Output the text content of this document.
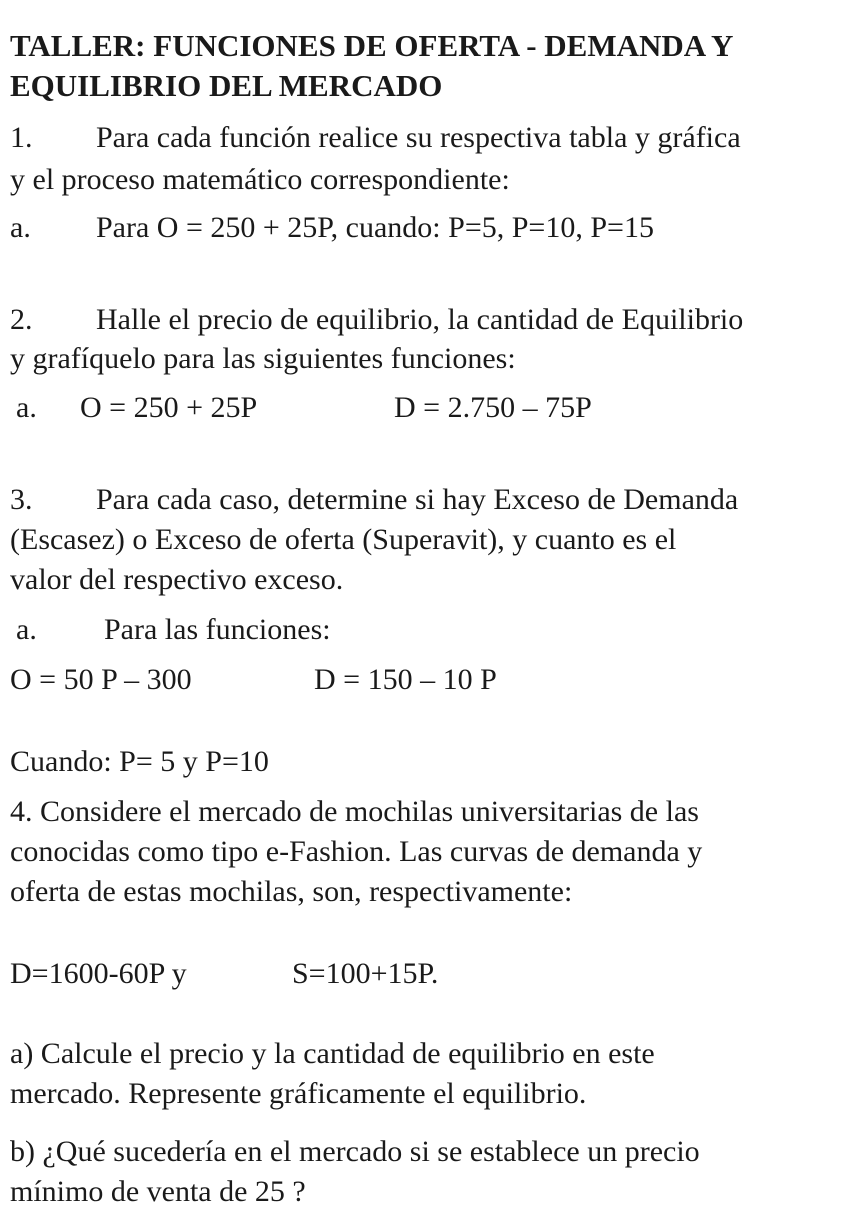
TALLER: FUNCIONES DE OFERTA - DEMANDA Y
EQUILIBRIO DEL MERCADO
1. Para cada función realice su respectiva tabla y gráfica
y el proceso matemático correspondiente:
a. Para O = 250 + 25P, cuando: P=5, P=10, P=15
2. Halle el precio de equilibrio, la cantidad de Equilibrio
y grafíquelo para las siguientes funciones:
a. O = 250 + 25P	D = 2.750 – 75P
3. Para cada caso, determine si hay Exceso de Demanda
(Escasez) o Exceso de oferta (Superavit), y cuanto es el
valor del respectivo exceso.
a. Para las funciones:
O = 50 P – 300	D = 150 – 10 P
Cuando: P= 5 y P=10
4. Considere el mercado de mochilas universitarias de las
conocidas como tipo e-Fashion. Las curvas de demanda y
oferta de estas mochilas, son, respectivamente:
D=1600-60P y	S=100+15P.
a) Calcule el precio y la cantidad de equilibrio en este
mercado. Represente gráficamente el equilibrio.
b) ¿Qué sucedería en el mercado si se establece un precio
mínimo de venta de 25 ?
